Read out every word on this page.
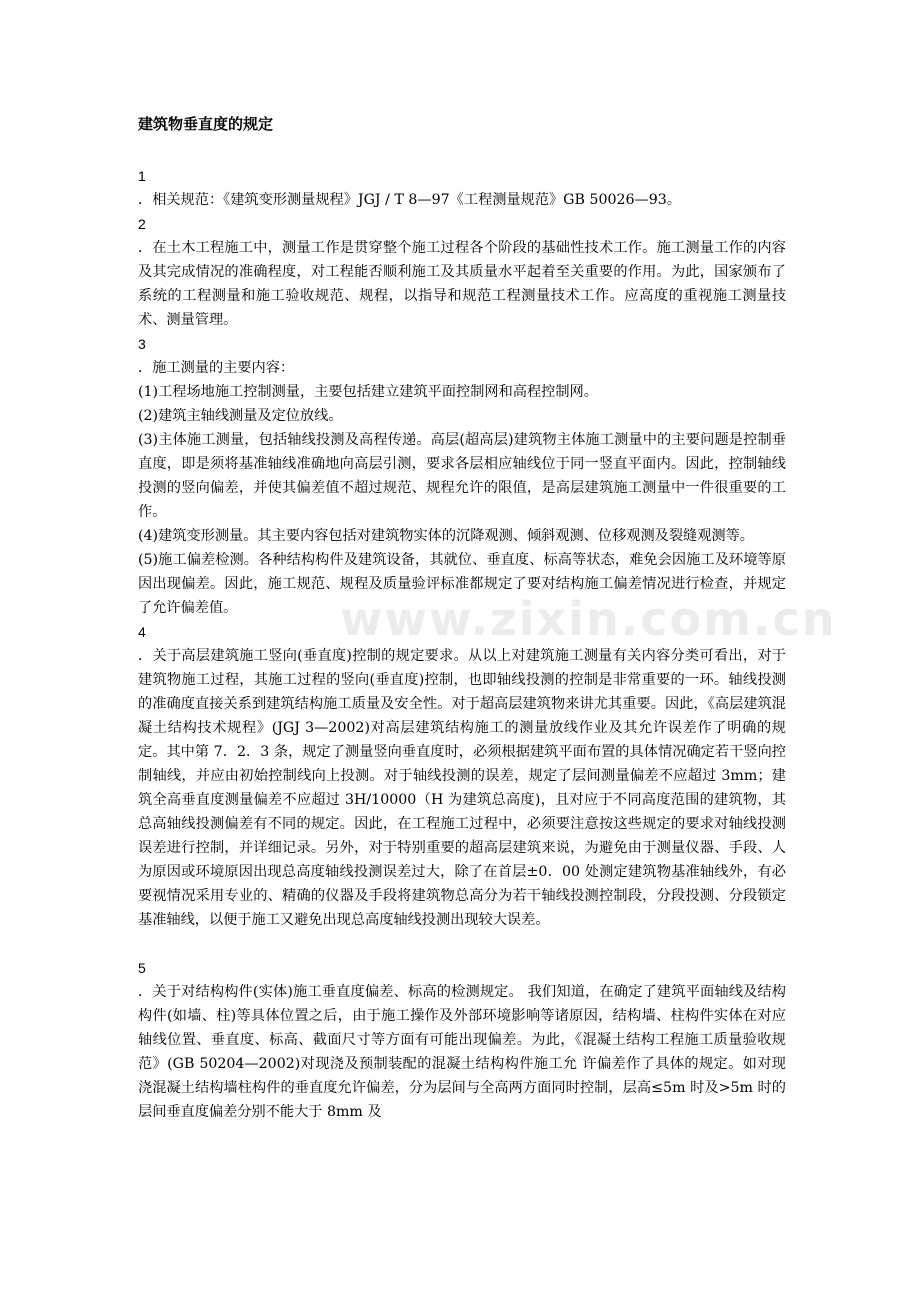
www.zixin.com.cn
建筑物垂直度的规定
1

．相关规范：《建筑变形测量规程》JGJ / T 8—97《工程测量规范》GB 50026—93。

2

．在土木工程施工中，测量工作是贯穿整个施工过程各个阶段的基础性技术工作。施工测量工作的内容及其完成情况的准确程度，对工程能否顺利施工及其质量水平起着至关重要的作用。为此，国家颁布了系统的工程测量和施工验收规范、规程，以指导和规范工程测量技术工作。应高度的重视施工测量技术、测量管理。

3

．施工测量的主要内容：

(1)工程场地施工控制测量，主要包括建立建筑平面控制网和高程控制网。

(2)建筑主轴线测量及定位放线。

(3)主体施工测量，包括轴线投测及高程传递。高层(超高层)建筑物主体施工测量中的主要问题是控制垂直度，即是须将基准轴线准确地向高层引测，要求各层相应轴线位于同一竖直平面内。因此，控制轴线投测的竖向偏差，并使其偏差值不超过规范、规程允许的限值，是高层建筑施工测量中一件很重要的工作。

(4)建筑变形测量。其主要内容包括对建筑物实体的沉降观测、倾斜观测、位移观测及裂缝观测等。

(5)施工偏差检测。各种结构构件及建筑设备，其就位、垂直度、标高等状态，难免会因施工及环境等原因出现偏差。因此，施工规范、规程及质量验评标准都规定了要对结构施工偏差情况进行检查，并规定了允许偏差值。

4

．关于高层建筑施工竖向(垂直度)控制的规定要求。从以上对建筑施工测量有关内容分类可看出，对于建筑物施工过程，其施工过程的竖向(垂直度)控制，也即轴线投测的控制是非常重要的一环。轴线投测的准确度直接关系到建筑结构施工质量及安全性。对于超高层建筑物来讲尤其重要。因此，《高层建筑混凝土结构技术规程》(JGJ 3—2002)对高层建筑结构施工的测量放线作业及其允许误差作了明确的规定。其中第 7．2．3 条，规定了测量竖向垂直度时，必须根据建筑平面布置的具体情况确定若干竖向控制轴线，并应由初始控制线向上投测。对于轴线投测的误差，规定了层间测量偏差不应超过 3mm；建筑全高垂直度测量偏差不应超过 3H/10000（H 为建筑总高度)，且对应于不同高度范围的建筑物，其总高轴线投测偏差有不同的规定。因此，在工程施工过程中，必须要注意按这些规定的要求对轴线投测误差进行控制，并详细记录。另外，对于特别重要的超高层建筑来说，为避免由于测量仪器、手段、人为原因或环境原因出现总高度轴线投测误差过大，除了在首层±0．00 处测定建筑物基准轴线外，有必要视情况采用专业的、精确的仪器及手段将建筑物总高分为若干轴线投测控制段，分段投测、分段锁定基准轴线，以便于施工又避免出现总高度轴线投测出现较大误差。

5

．关于对结构构件(实体)施工垂直度偏差、标高的检测规定。 我们知道，在确定了建筑平面轴线及结构构件(如墙、柱)等具体位置之后，由于施工操作及外部环境影响等诸原因，结构墙、柱构件实体在对应轴线位置、垂直度、标高、截面尺寸等方面有可能出现偏差。为此，《混凝土结构工程施工质量验收规范》(GB 50204—2002)对现浇及预制装配的混凝土结构构件施工允 许偏差作了具体的规定。如对现浇混凝土结构墙柱构件的垂直度允许偏差，分为层间与全高两方面同时控制，层高≤5m 时及>5m 时的层间垂直度偏差分别不能大于 8mm 及
